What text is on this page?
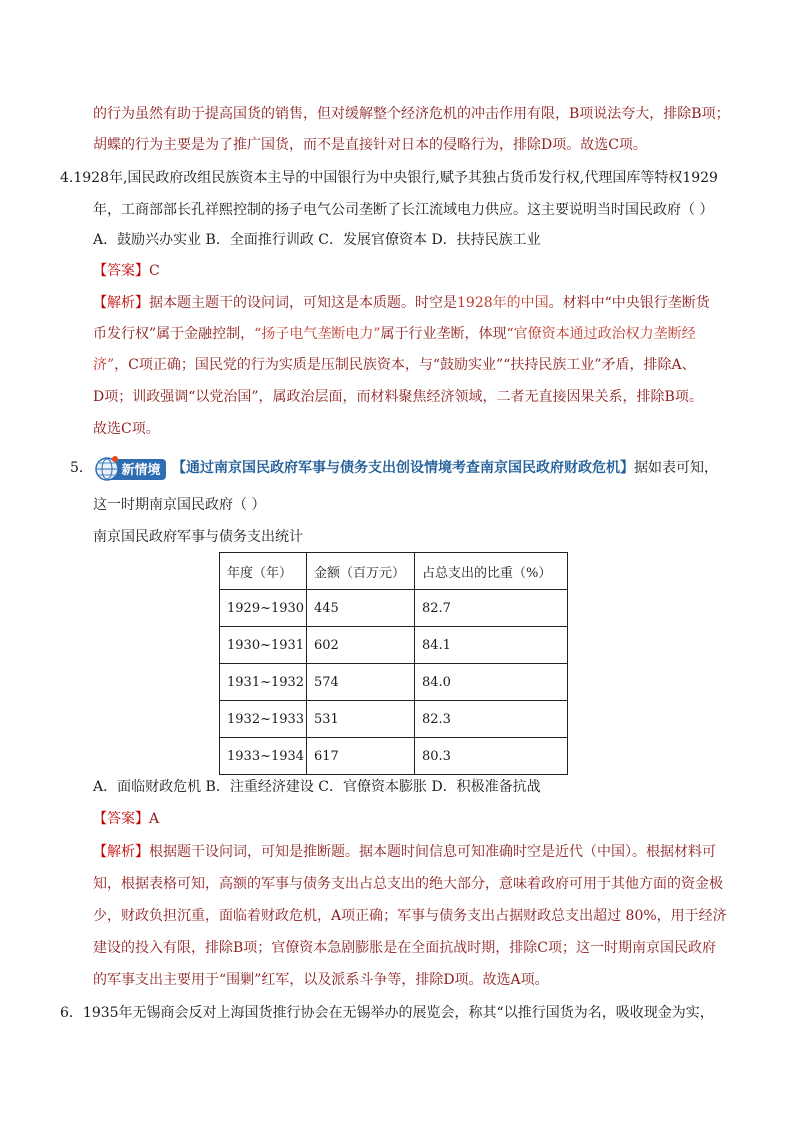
的行为虽然有助于提高国货的销售，但对缓解整个经济危机的冲击作用有限，B项说法夸大，排除B项；
胡蝶的行为主要是为了推广国货，而不是直接针对日本的侵略行为，排除D项。故选C项。
4.1928年,国民政府改组民族资本主导的中国银行为中央银行,赋予其独占货币发行权,代理国库等特权1929
年，工商部部长孔祥熙控制的扬子电气公司垄断了长江流域电力供应。这主要说明当时国民政府（ ）
A．鼓励兴办实业 B．全面推行训政 C．发展官僚资本 D．扶持民族工业
【答案】C
【解析】据本题主题干的设问词，可知这是本质题。时空是1928年的中国。材料中“中央银行垄断货
币发行权”属于金融控制，“扬子电气垄断电力”属于行业垄断，体现“官僚资本通过政治权力垄断经
济”，C项正确；国民党的行为实质是压制民族资本，与“鼓励实业”“扶持民族工业”矛盾，排除A、
D项；训政强调“以党治国”，属政治层面，而材料聚焦经济领域，二者无直接因果关系，排除B项。
故选C项。
5． 新情境 【通过南京国民政府军事与债务支出创设情境考查南京国民政府财政危机】据如表可知，
这一时期南京国民政府（ ）
南京国民政府军事与债务支出统计
年度（年）	金额（百万元）	占总支出的比重（%）
1929~1930	445	82.7
1930~1931	602	84.1
1931~1932	574	84.0
1932~1933	531	82.3
1933~1934	617	80.3
A．面临财政危机 B．注重经济建设 C．官僚资本膨胀 D．积极准备抗战
【答案】A
【解析】根据题干设问词，可知是推断题。据本题时间信息可知准确时空是近代（中国）。根据材料可
知，根据表格可知，高额的军事与债务支出占总支出的绝大部分，意味着政府可用于其他方面的资金极
少，财政负担沉重，面临着财政危机，A项正确；军事与债务支出占据财政总支出超过 80%，用于经济
建设的投入有限，排除B项；官僚资本急剧膨胀是在全面抗战时期，排除C项；这一时期南京国民政府
的军事支出主要用于“围剿”红军，以及派系斗争等，排除D项。故选A项。
6．1935年无锡商会反对上海国货推行协会在无锡举办的展览会，称其“以推行国货为名，吸收现金为实，
